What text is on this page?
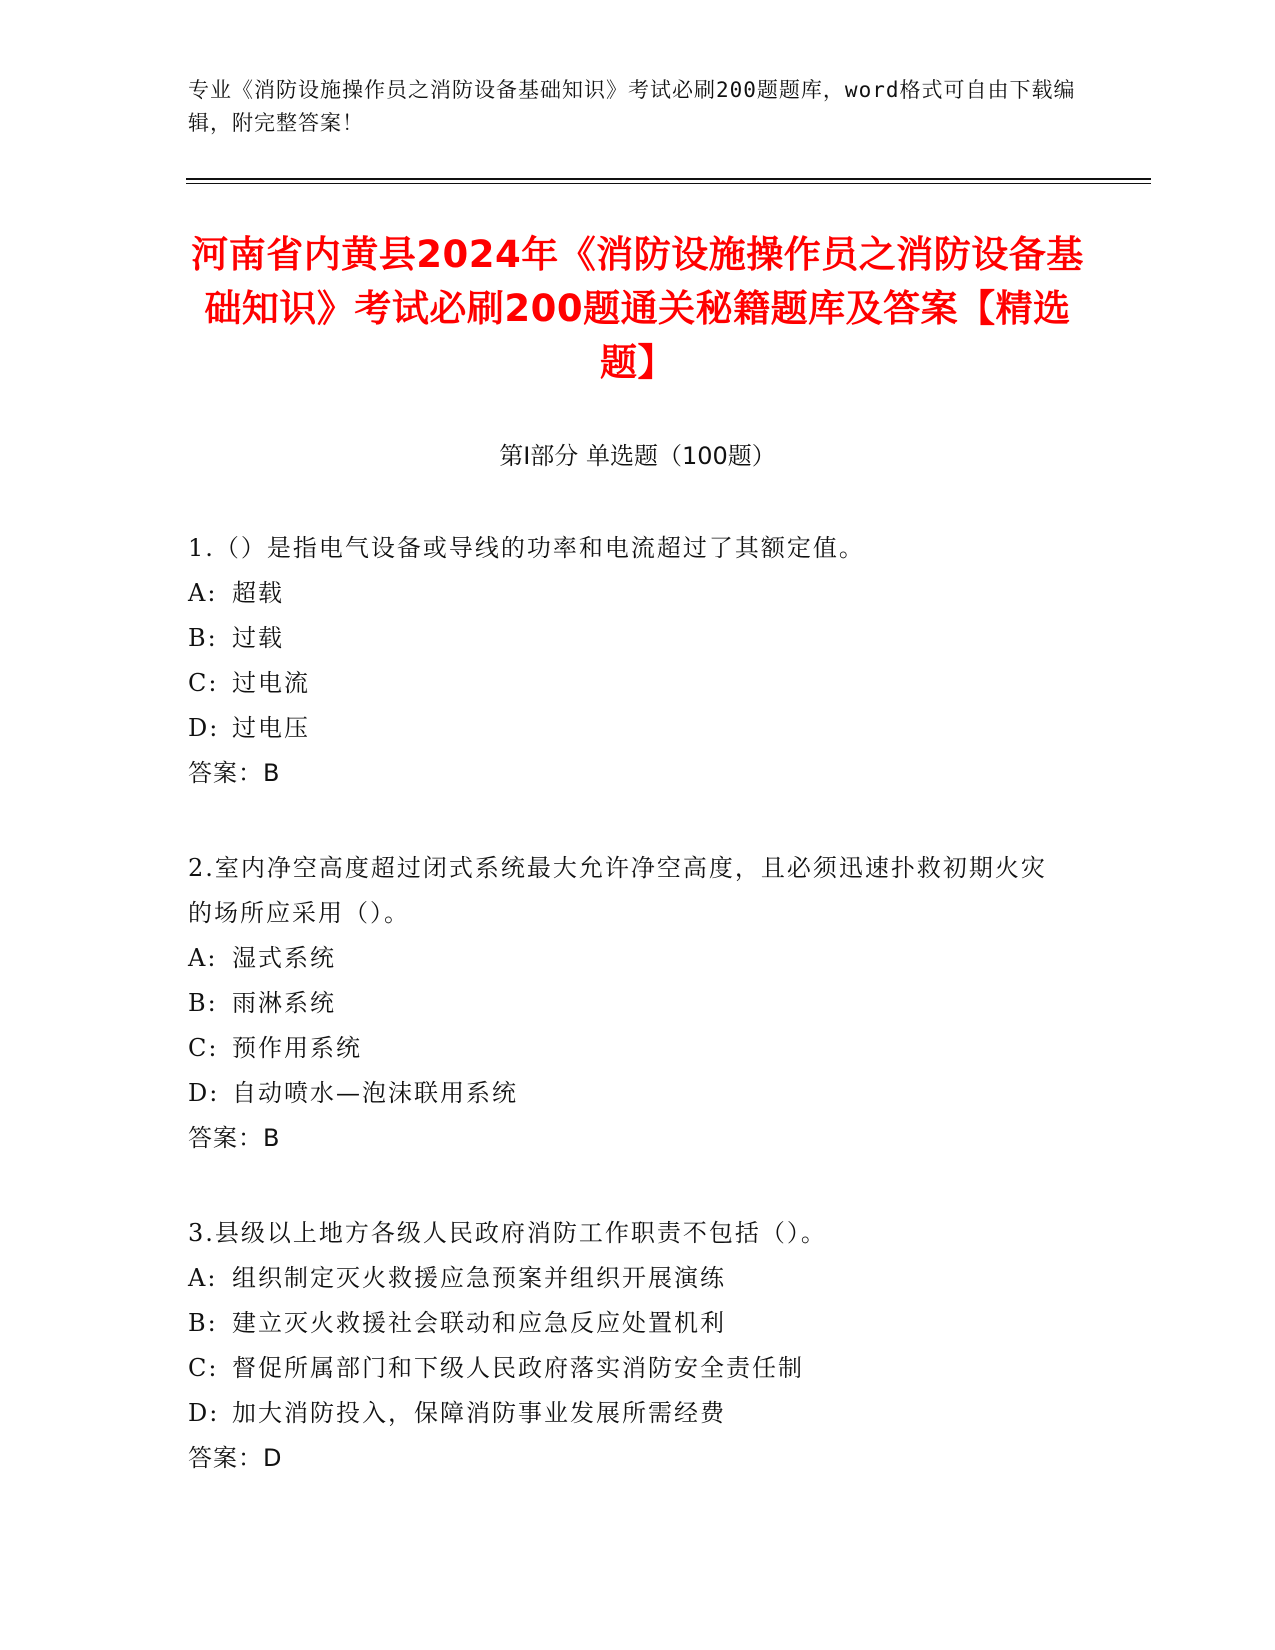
专业《消防设施操作员之消防设备基础知识》考试必刷200题题库，word格式可自由下载编辑，附完整答案！
河南省内黄县2024年《消防设施操作员之消防设备基础知识》考试必刷200题通关秘籍题库及答案【精选题】
第Ⅰ部分 单选题（100题）
1.（）是指电气设备或导线的功率和电流超过了其额定值。
A: 超载
B: 过载
C: 过电流
D: 过电压
答案：B
2.室内净空高度超过闭式系统最大允许净空高度，且必须迅速扑救初期火灾的场所应采用（）。
A: 湿式系统
B: 雨淋系统
C: 预作用系统
D: 自动喷水—泡沫联用系统
答案：B
3.县级以上地方各级人民政府消防工作职责不包括（）。
A: 组织制定灭火救援应急预案并组织开展演练
B: 建立灭火救援社会联动和应急反应处置机利
C: 督促所属部门和下级人民政府落实消防安全责任制
D: 加大消防投入，保障消防事业发展所需经费
答案：D
